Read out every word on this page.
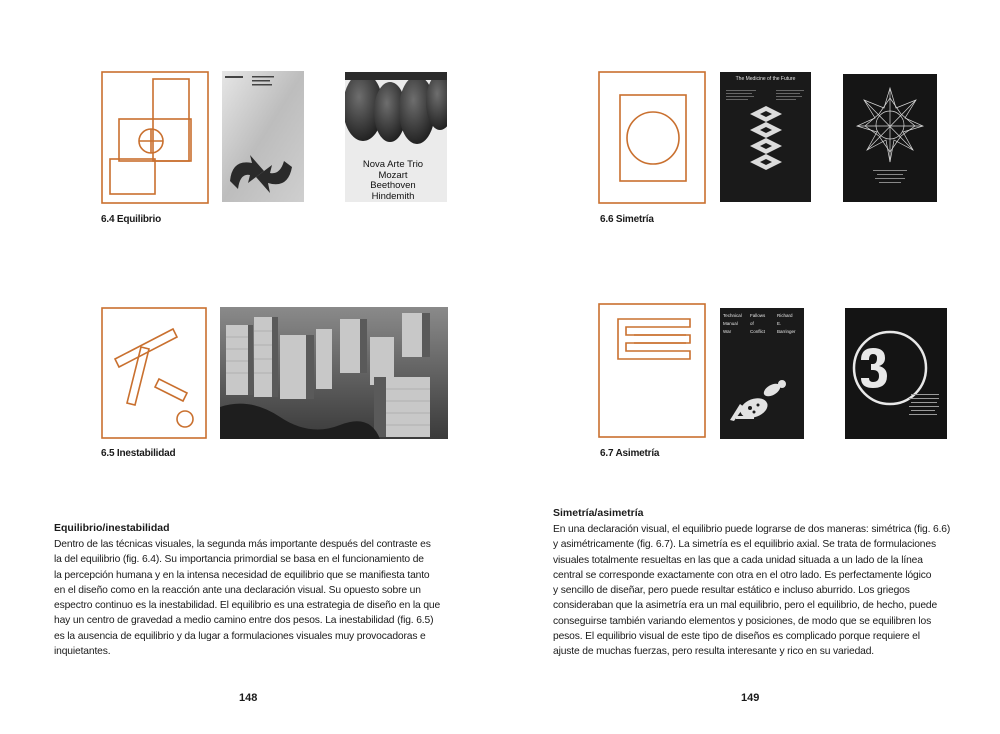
Nova Arte Trio
Mozart
Beethoven
Hindemith
6.4 Equilibrio
6.5 Inestabilidad
Equilibrio/inestabilidad
Dentro de las técnicas visuales, la segunda más importante después del contraste es
la del equilibrio (fig. 6.4). Su importancia primordial se basa en el funcionamiento de
la percepción humana y en la intensa necesidad de equilibrio que se manifiesta tanto
en el diseño como en la reacción ante una declaración visual. Su opuesto sobre un
espectro continuo es la inestabilidad. El equilibrio es una estrategia de diseño en la que
hay un centro de gravedad a medio camino entre dos pesos. La inestabilidad (fig. 6.5)
es la ausencia de equilibrio y da lugar a formulaciones visuales muy provocadoras e
inquietantes.
148
The Medicine of the Future
6.6 Simetría
Technical
Manual
War
Fallows
of
Conflict
Richard
E.
Barringer
6.7 Asimetría
Simetría/asimetría
En una declaración visual, el equilibrio puede lograrse de dos maneras: simétrica (fig. 6.6)
y asimétricamente (fig. 6.7). La simetría es el equilibrio axial. Se trata de formulaciones
visuales totalmente resueltas en las que a cada unidad situada a un lado de la línea
central se corresponde exactamente con otra en el otro lado. Es perfectamente lógico
y sencillo de diseñar, pero puede resultar estático e incluso aburrido. Los griegos
consideraban que la asimetría era un mal equilibrio, pero el equilibrio, de hecho, puede
conseguirse también variando elementos y posiciones, de modo que se equilibren los
pesos. El equilibrio visual de este tipo de diseños es complicado porque requiere el
ajuste de muchas fuerzas, pero resulta interesante y rico en su variedad.
149
